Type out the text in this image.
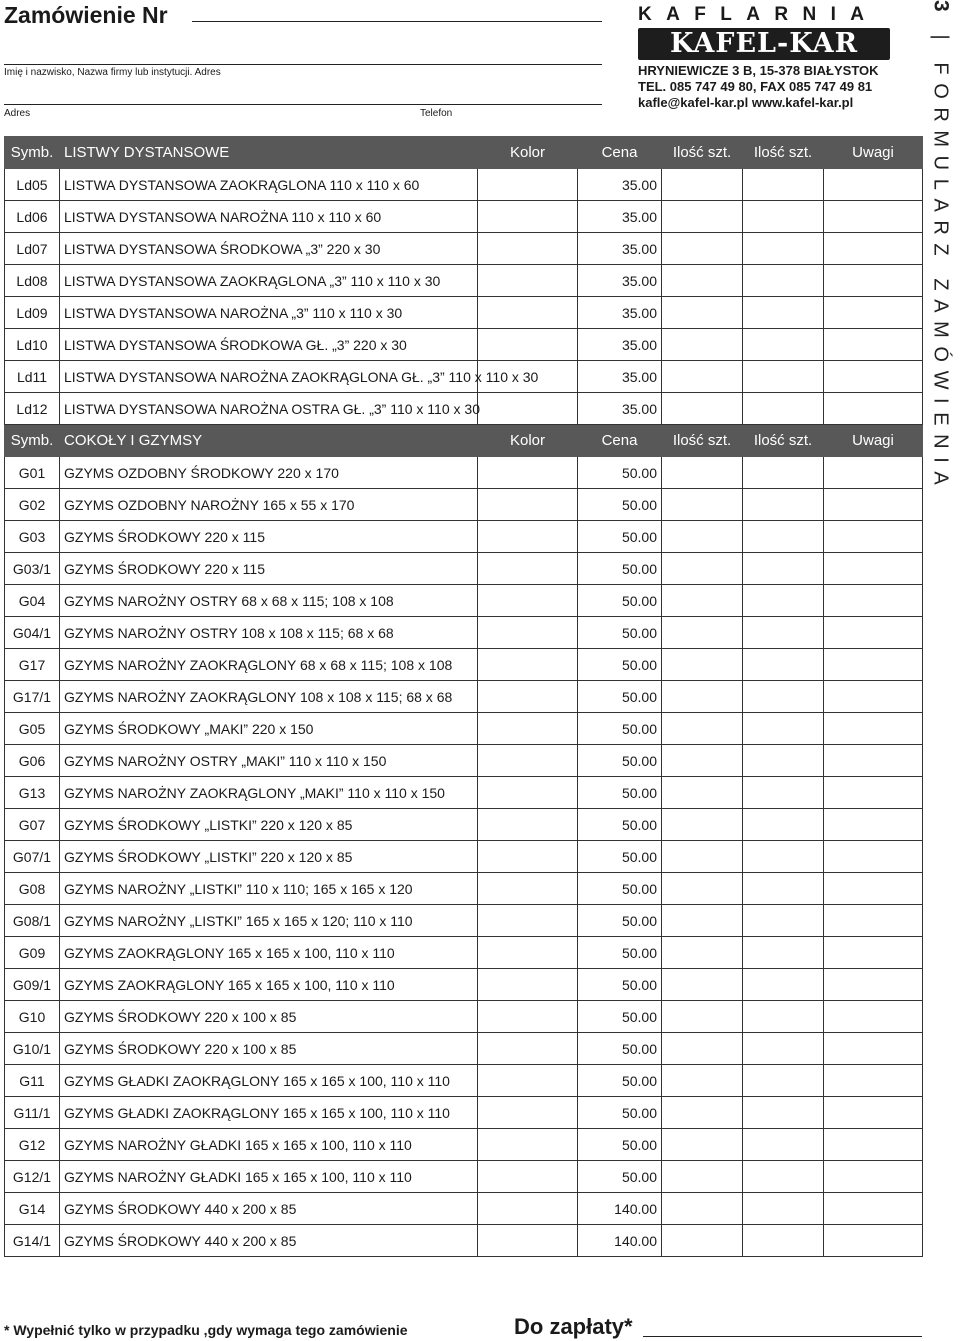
Zamówienie Nr
Imię i nazwisko, Nazwa firmy lub instytucji. Adres
Adres	Telefon
KAFLARNIA
KAFEL-KAR
HRYNIEWICZE 3 B, 15-378 BIAŁYSTOK
TEL. 085 747 49 80, FAX 085 747 49 81
kafle@kafel-kar.pl www.kafel-kar.pl
3 | FORMULARZ ZAMÓWIENIA
Symb.	LISTWY DYSTANSOWE	Kolor	Cena	Ilość szt.	Ilość szt.	Uwagi
Ld05	LISTWA DYSTANSOWA ZAOKRĄGLONA 110 x 110 x 60		35.00			
Ld06	LISTWA DYSTANSOWA NAROŻNA 110 x 110 x 60		35.00			
Ld07	LISTWA DYSTANSOWA ŚRODKOWA „3” 220 x 30		35.00			
Ld08	LISTWA DYSTANSOWA ZAOKRĄGLONA „3” 110 x 110 x 30		35.00			
Ld09	LISTWA DYSTANSOWA NAROŻNA „3” 110 x 110 x 30		35.00			
Ld10	LISTWA DYSTANSOWA ŚRODKOWA GŁ. „3” 220 x 30		35.00			
Ld11	LISTWA DYSTANSOWA NAROŻNA ZAOKRĄGLONA GŁ. „3” 110 x 110 x 30		35.00			
Ld12	LISTWA DYSTANSOWA NAROŻNA OSTRA GŁ. „3” 110 x 110 x 30		35.00			
Symb.	COKOŁY I GZYMSY	Kolor	Cena	Ilość szt.	Ilość szt.	Uwagi
G01	GZYMS OZDOBNY ŚRODKOWY 220 x 170		50.00			
G02	GZYMS OZDOBNY NAROŻNY 165 x 55 x 170		50.00			
G03	GZYMS ŚRODKOWY 220 x 115		50.00			
G03/1	GZYMS ŚRODKOWY 220 x 115		50.00			
G04	GZYMS NAROŻNY OSTRY 68 x 68 x 115; 108 x 108		50.00			
G04/1	GZYMS NAROŻNY OSTRY 108 x 108 x 115; 68 x 68		50.00			
G17	GZYMS NAROŻNY ZAOKRĄGLONY 68 x 68 x 115; 108 x 108		50.00			
G17/1	GZYMS NAROŻNY ZAOKRĄGLONY 108 x 108 x 115; 68 x 68		50.00			
G05	GZYMS ŚRODKOWY „MAKI” 220 x 150		50.00			
G06	GZYMS NAROŻNY OSTRY „MAKI” 110 x 110 x 150		50.00			
G13	GZYMS NAROŻNY ZAOKRĄGLONY „MAKI” 110 x 110 x 150		50.00			
G07	GZYMS ŚRODKOWY „LISTKI” 220 x 120 x 85		50.00			
G07/1	GZYMS ŚRODKOWY „LISTKI” 220 x 120 x 85		50.00			
G08	GZYMS NAROŻNY „LISTKI” 110 x 110; 165 x 165 x 120		50.00			
G08/1	GZYMS NAROŻNY „LISTKI” 165 x 165 x 120; 110 x 110		50.00			
G09	GZYMS ZAOKRĄGLONY 165 x 165 x 100, 110 x 110		50.00			
G09/1	GZYMS ZAOKRĄGLONY 165 x 165 x 100, 110 x 110		50.00			
G10	GZYMS ŚRODKOWY 220 x 100 x 85		50.00			
G10/1	GZYMS ŚRODKOWY 220 x 100 x 85		50.00			
G11	GZYMS GŁADKI ZAOKRĄGLONY 165 x 165 x 100, 110 x 110		50.00			
G11/1	GZYMS GŁADKI ZAOKRĄGLONY 165 x 165 x 100, 110 x 110		50.00			
G12	GZYMS NAROŻNY GŁADKI 165 x 165 x 100, 110 x 110		50.00			
G12/1	GZYMS NAROŻNY GŁADKI 165 x 165 x 100, 110 x 110		50.00			
G14	GZYMS ŚRODKOWY 440 x 200 x 85		140.00			
G14/1	GZYMS ŚRODKOWY 440 x 200 x 85		140.00			
* Wypełnić tylko w przypadku ,gdy wymaga tego zamówienie	Do zapłaty*
